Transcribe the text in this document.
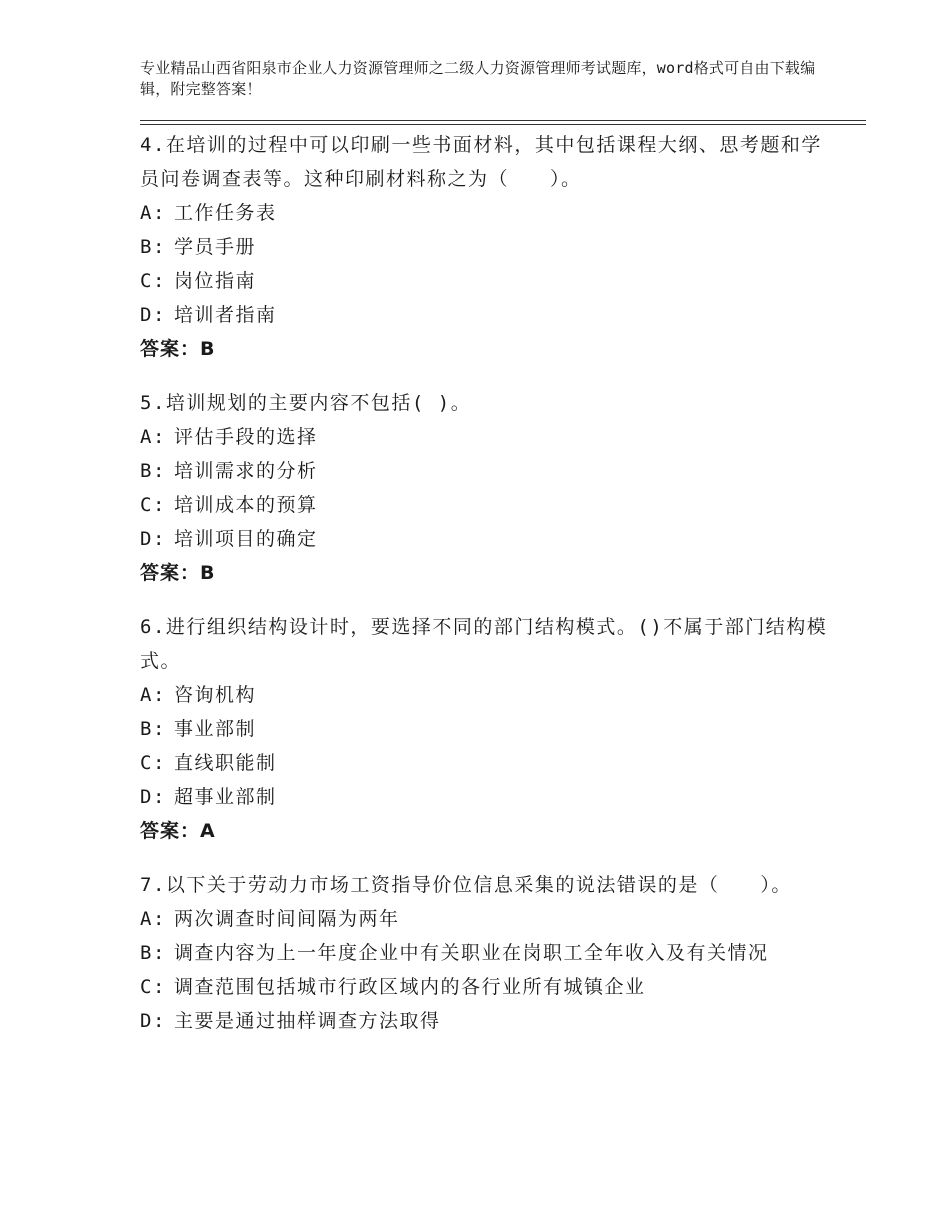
专业精品山西省阳泉市企业人力资源管理师之二级人力资源管理师考试题库，word格式可自由下载编辑，附完整答案！

4.在培训的过程中可以印刷一些书面材料，其中包括课程大纲、思考题和学员问卷调查表等。这种印刷材料称之为（　　）。

A: 工作任务表
B: 学员手册
C: 岗位指南
D: 培训者指南
答案：B

5.培训规划的主要内容不包括( )。

A: 评估手段的选择
B: 培训需求的分析
C: 培训成本的预算
D: 培训项目的确定
答案：B

6.进行组织结构设计时，要选择不同的部门结构模式。()不属于部门结构模式。

A: 咨询机构
B: 事业部制
C: 直线职能制
D: 超事业部制
答案：A

7.以下关于劳动力市场工资指导价位信息采集的说法错误的是（　　）。

A: 两次调查时间间隔为两年
B: 调查内容为上一年度企业中有关职业在岗职工全年收入及有关情况
C: 调查范围包括城市行政区域内的各行业所有城镇企业
D: 主要是通过抽样调查方法取得
